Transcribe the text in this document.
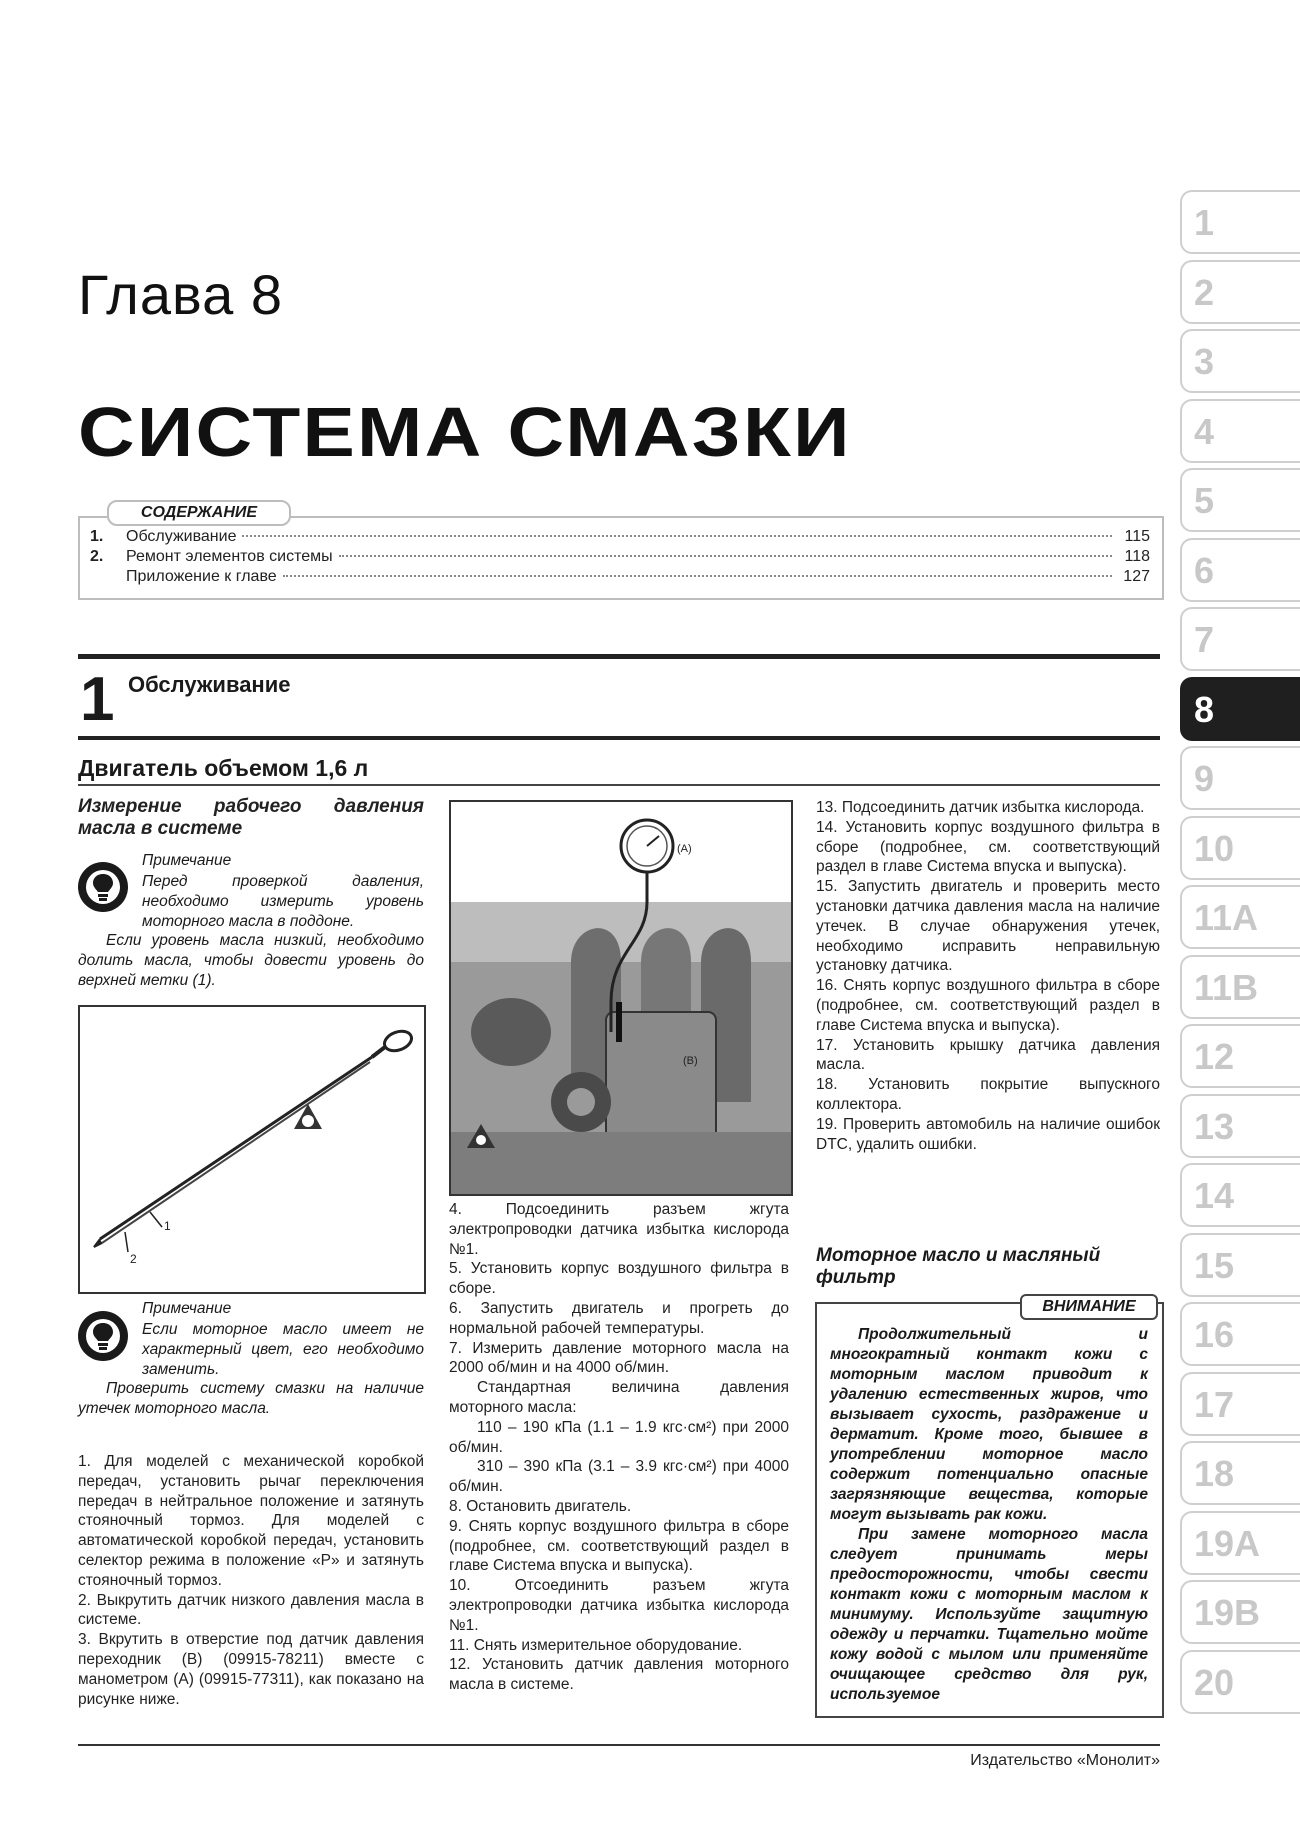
Глава 8
СИСТЕМА СМАЗКИ
СОДЕРЖАНИЕ
1.	Обслуживание	115
2.	Ремонт элементов системы	118
Приложение к главе	127
1 Обслуживание
Двигатель объемом 1,6 л
Измерение рабочего давления масла в системе
Примечание

Перед проверкой давления, необходимо измерить уровень моторного масла в поддоне.

Если уровень масла низкий, необходимо долить масла, чтобы довести уровень до верхней метки (1).

1
2
Примечание

Если моторное масло имеет не характерный цвет, его необходимо заменить.

Проверить систему смазки на наличие утечек моторного масла.

1. Для моделей с механической коробкой передач, установить рычаг переключения передач в нейтральное положение и затянуть стояночный тормоз. Для моделей с автоматической коробкой передач, установить селектор режима в положение «P» и затянуть стояночный тормоз.

2. Выкрутить датчик низкого давления масла в системе.

3. Вкрутить в отверстие под датчик давления переходник (B) (09915-78211) вместе с манометром (A) (09915-77311), как показано на рисунке ниже.

(A)
(B)

4. Подсоединить разъем жгута электропроводки датчика избытка кислорода №1.

5. Установить корпус воздушного фильтра в сборе.

6. Запустить двигатель и прогреть до нормальной рабочей температуры.

7. Измерить давление моторного масла на 2000 об/мин и на 4000 об/мин.

Стандартная величина давления моторного масла:

110 – 190 кПа (1.1 – 1.9 кгс·см²) при 2000 об/мин.

310 – 390 кПа (3.1 – 3.9 кгс·см²) при 4000 об/мин.

8. Остановить двигатель.

9. Снять корпус воздушного фильтра в сборе (подробнее, см. соответствующий раздел в главе Система впуска и выпуска).

10. Отсоединить разъем жгута электропроводки датчика избытка кислорода №1.

11. Снять измерительное оборудование.

12. Установить датчик давления моторного масла в системе.

13. Подсоединить датчик избытка кислорода.

14. Установить корпус воздушного фильтра в сборе (подробнее, см. соответствующий раздел в главе Система впуска и выпуска).

15. Запустить двигатель и проверить место установки датчика давления масла на наличие утечек. В случае обнаружения утечек, необходимо исправить неправильную установку датчика.

16. Снять корпус воздушного фильтра в сборе (подробнее, см. соответствующий раздел в главе Система впуска и выпуска).

17. Установить крышку датчика давления масла.

18. Установить покрытие выпускного коллектора.

19. Проверить автомобиль на наличие ошибок DTC, удалить ошибки.

Моторное масло и масляный фильтр
ВНИМАНИЕ

Продолжительный и многократный контакт кожи с моторным маслом приводит к удалению естественных жиров, что вызывает сухость, раздражение и дерматит. Кроме того, бывшее в употреблении моторное масло содержит потенциально опасные загрязняющие вещества, которые могут вызывать рак кожи.

При замене моторного масла следует принимать меры предосторожности, чтобы свести контакт кожи с моторным маслом к минимуму. Используйте защитную одежду и перчатки. Тщательно мойте кожу водой с мылом или применяйте очищающее средство для рук, используемое

Издательство «Монолит»
1
2
3
4
5
6
7
8
9
10
11A
11B
12
13
14
15
16
17
18
19A
19B
20
